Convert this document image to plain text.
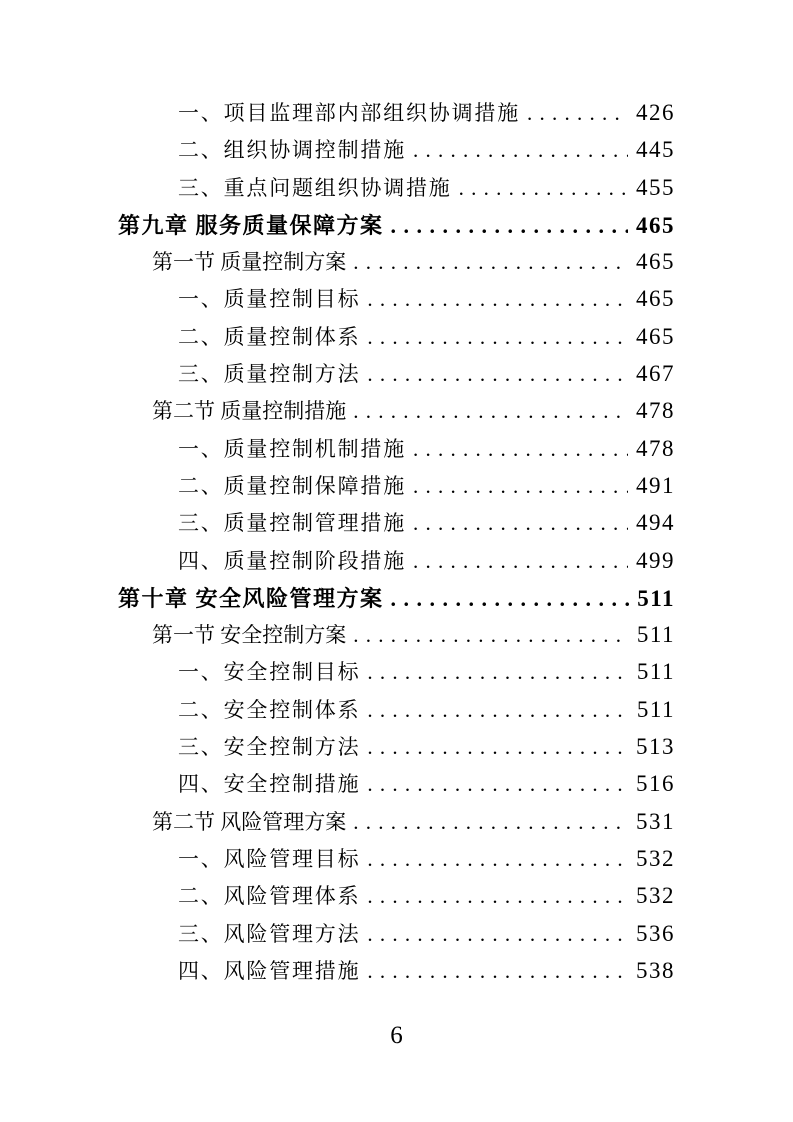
一、项目监理部内部组织协调措施 . . .	426
二、组织协调控制措施 . . .	445
三、重点问题组织协调措施 . . .	455
第九章 服务质量保障方案 . . .	465
第一节 质量控制方案 . . .	465
一、质量控制目标 . . .	465
二、质量控制体系 . . .	465
三、质量控制方法 . . .	467
第二节 质量控制措施 . . .	478
一、质量控制机制措施 . . .	478
二、质量控制保障措施 . . .	491
三、质量控制管理措施 . . .	494
四、质量控制阶段措施 . . .	499
第十章 安全风险管理方案 . . .	511
第一节 安全控制方案 . . .	511
一、安全控制目标 . . .	511
二、安全控制体系 . . .	511
三、安全控制方法 . . .	513
四、安全控制措施 . . .	516
第二节 风险管理方案 . . .	531
一、风险管理目标 . . .	532
二、风险管理体系 . . .	532
三、风险管理方法 . . .	536
四、风险管理措施 . . .	538
6
